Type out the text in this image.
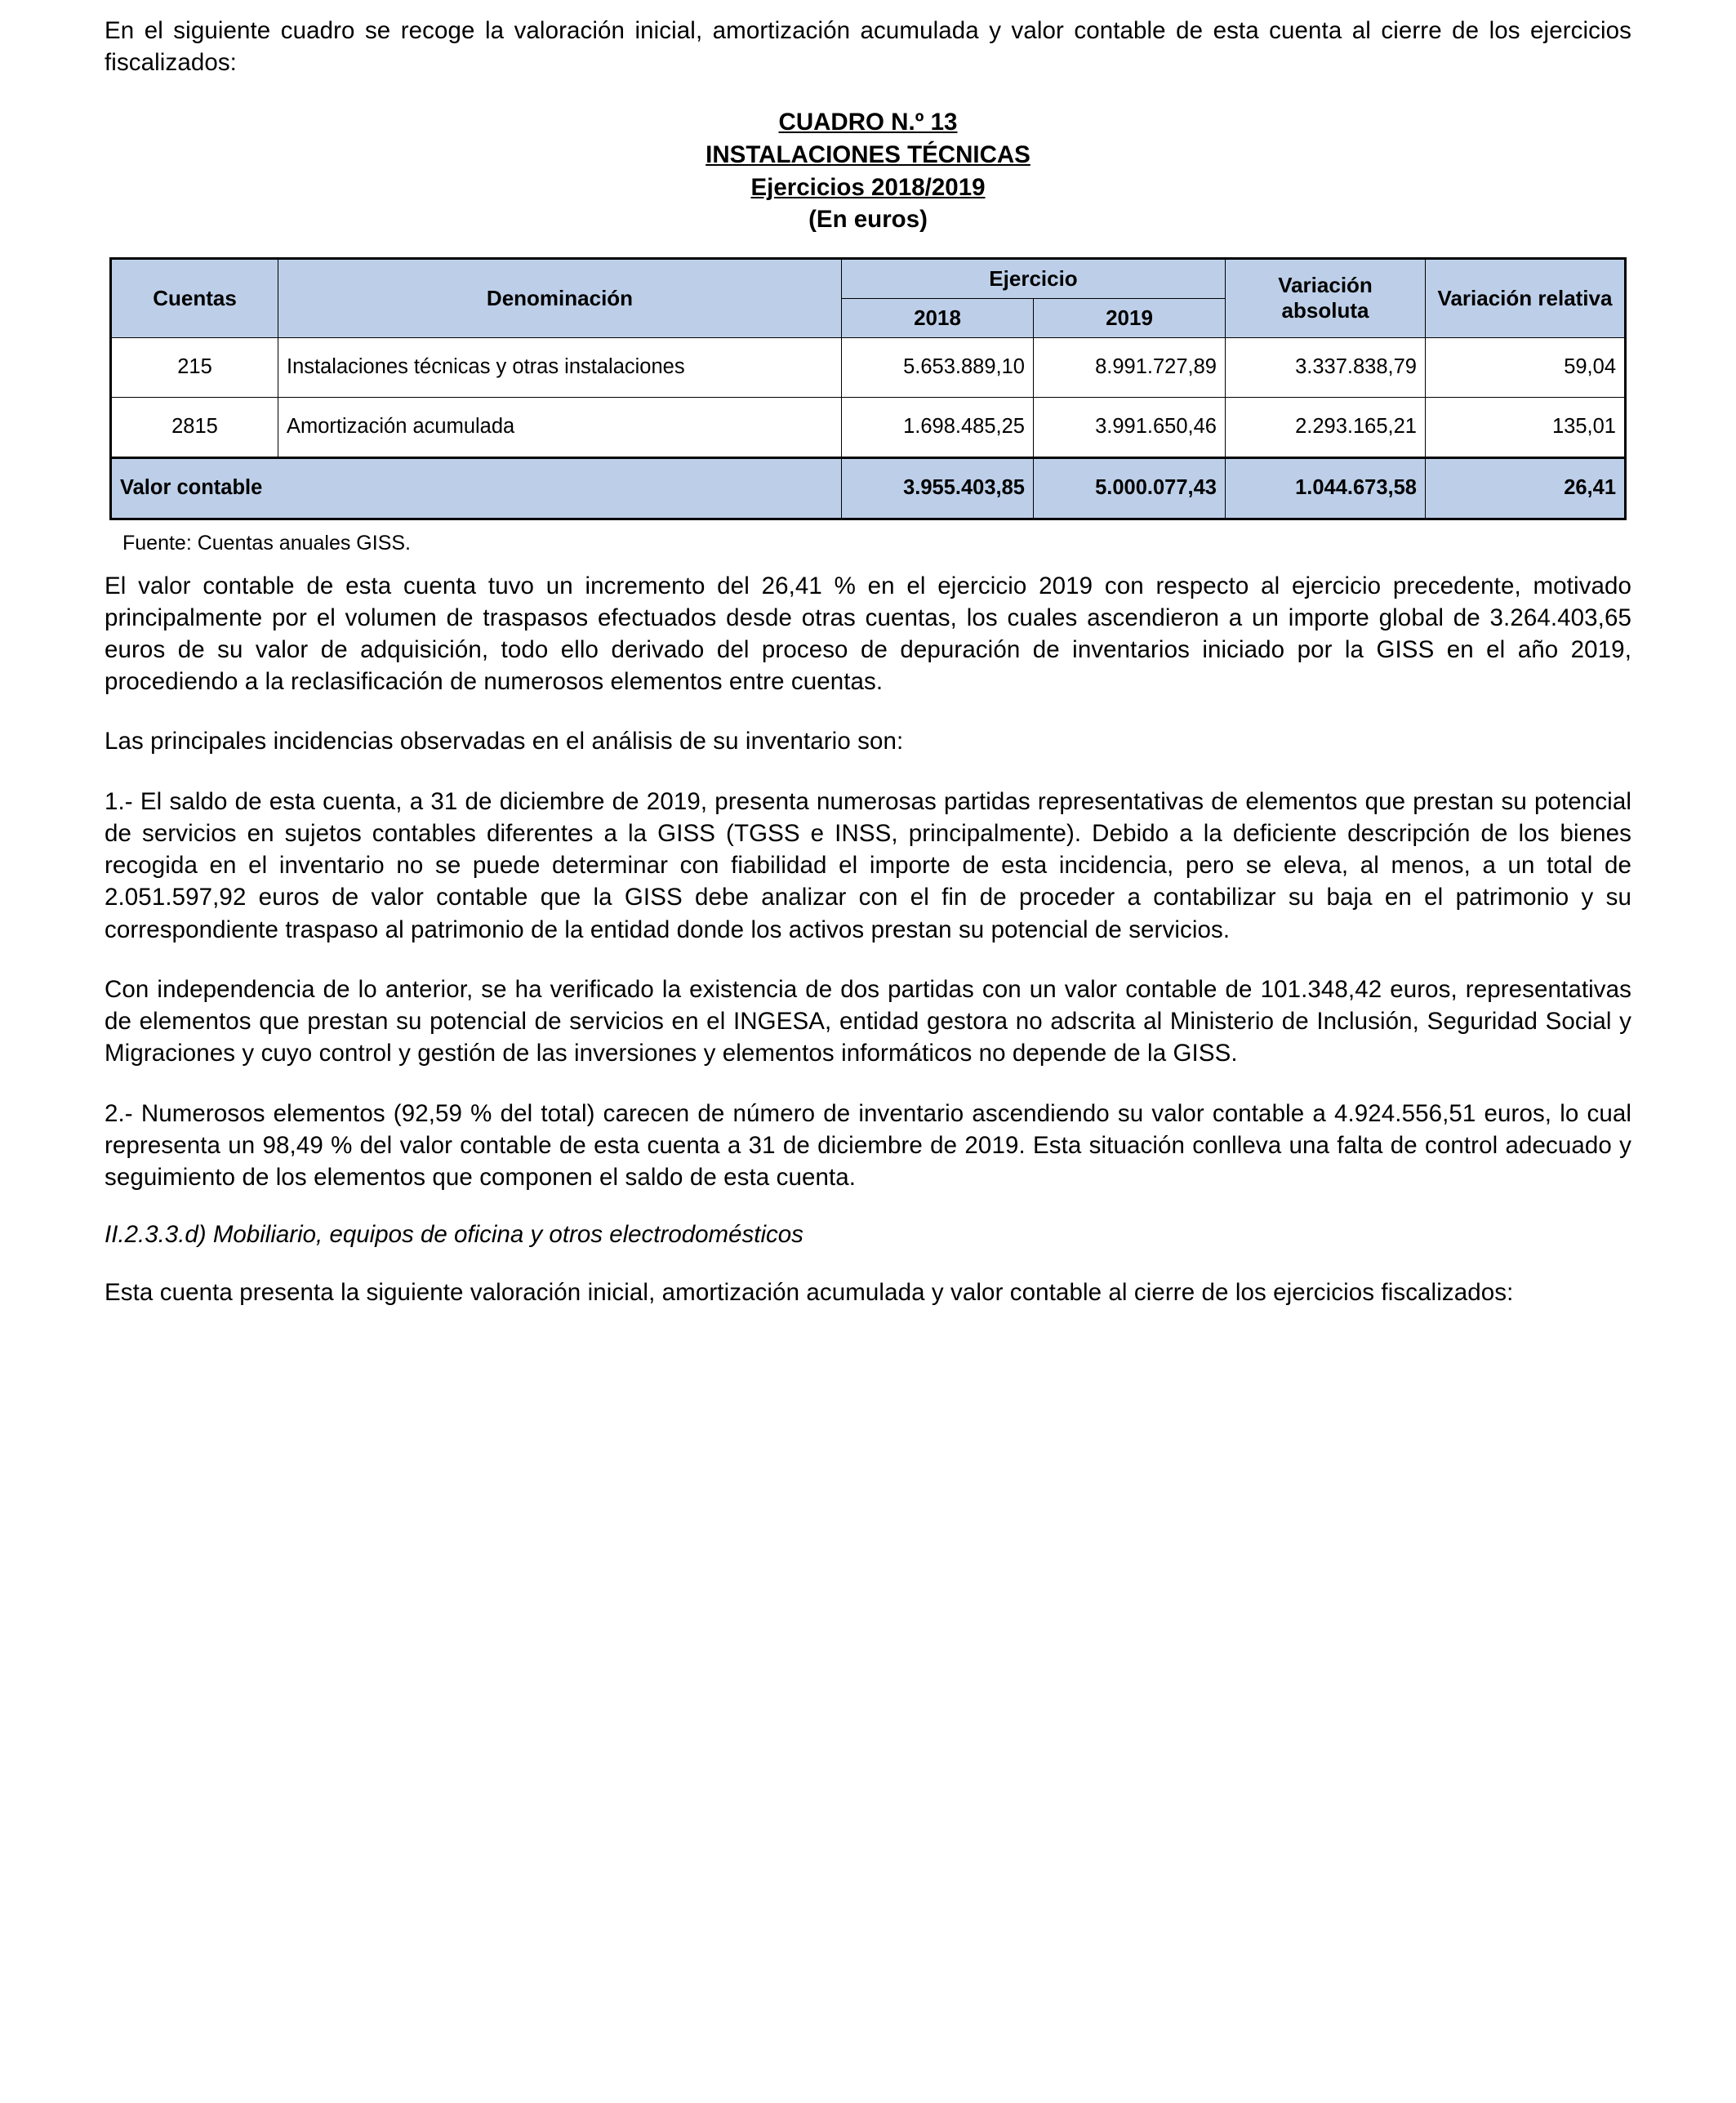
En el siguiente cuadro se recoge la valoración inicial, amortización acumulada y valor contable de esta cuenta al cierre de los ejercicios fiscalizados:

CUADRO N.º 13
INSTALACIONES TÉCNICAS
Ejercicios 2018/2019
(En euros)
Cuentas	Denominación	Ejercicio		Variación absoluta	Variación relativa
		2018	2019		
215	Instalaciones técnicas y otras instalaciones	5.653.889,10	8.991.727,89	3.337.838,79	59,04
2815	Amortización acumulada	1.698.485,25	3.991.650,46	2.293.165,21	135,01
Valor contable		3.955.403,85	5.000.077,43	1.044.673,58	26,41
Fuente: Cuentas anuales GISS.

El valor contable de esta cuenta tuvo un incremento del 26,41 % en el ejercicio 2019 con respecto al ejercicio precedente, motivado principalmente por el volumen de traspasos efectuados desde otras cuentas, los cuales ascendieron a un importe global de 3.264.403,65 euros de su valor de adquisición, todo ello derivado del proceso de depuración de inventarios iniciado por la GISS en el año 2019, procediendo a la reclasificación de numerosos elementos entre cuentas.

Las principales incidencias observadas en el análisis de su inventario son:

1.- El saldo de esta cuenta, a 31 de diciembre de 2019, presenta numerosas partidas representativas de elementos que prestan su potencial de servicios en sujetos contables diferentes a la GISS (TGSS e INSS, principalmente). Debido a la deficiente descripción de los bienes recogida en el inventario no se puede determinar con fiabilidad el importe de esta incidencia, pero se eleva, al menos, a un total de 2.051.597,92 euros de valor contable que la GISS debe analizar con el fin de proceder a contabilizar su baja en el patrimonio y su correspondiente traspaso al patrimonio de la entidad donde los activos prestan su potencial de servicios.

Con independencia de lo anterior, se ha verificado la existencia de dos partidas con un valor contable de 101.348,42 euros, representativas de elementos que prestan su potencial de servicios en el INGESA, entidad gestora no adscrita al Ministerio de Inclusión, Seguridad Social y Migraciones y cuyo control y gestión de las inversiones y elementos informáticos no depende de la GISS.

2.- Numerosos elementos (92,59 % del total) carecen de número de inventario ascendiendo su valor contable a 4.924.556,51 euros, lo cual representa un 98,49 % del valor contable de esta cuenta a 31 de diciembre de 2019. Esta situación conlleva una falta de control adecuado y seguimiento de los elementos que componen el saldo de esta cuenta.

II.2.3.3.d) Mobiliario, equipos de oficina y otros electrodomésticos

Esta cuenta presenta la siguiente valoración inicial, amortización acumulada y valor contable al cierre de los ejercicios fiscalizados:
